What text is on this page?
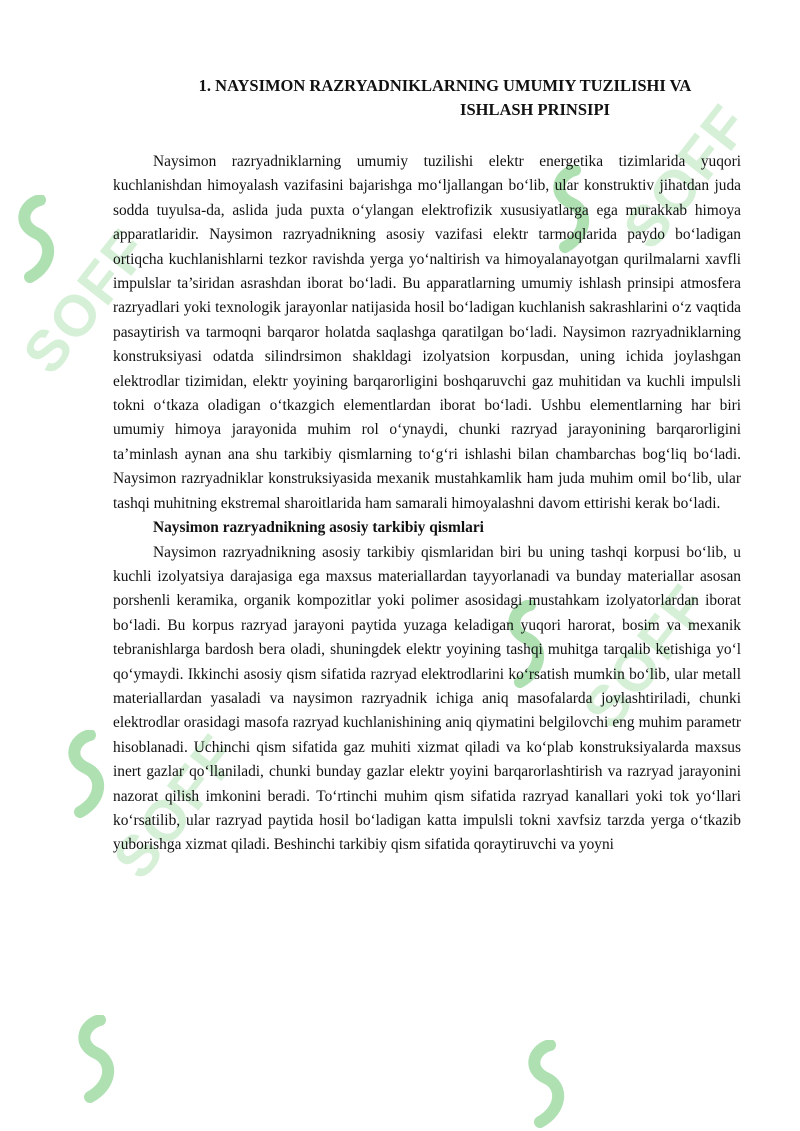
SOFF
SOFF
SOFF
SOFF
1. NAYSIMON RAZRYADNIKLARNING UMUMIY TUZILISHI VA
ISHLASH PRINSIPI

Naysimon razryadniklarning umumiy tuzilishi elektr energetika tizimlarida yuqori kuchlanishdan himoyalash vazifasini bajarishga mo‘ljallangan bo‘lib, ular konstruktiv jihatdan juda sodda tuyulsa-da, aslida juda puxta o‘ylangan elektrofizik xususiyatlarga ega murakkab himoya apparatlaridir. Naysimon razryadnikning asosiy vazifasi elektr tarmoqlarida paydo bo‘ladigan ortiqcha kuchlanishlarni tezkor ravishda yerga yo‘naltirish va himoyalanayotgan qurilmalarni xavfli impulslar ta’siridan asrashdan iborat bo‘ladi. Bu apparatlarning umumiy ishlash prinsipi atmosfera razryadlari yoki texnologik jarayonlar natijasida hosil bo‘ladigan kuchlanish sakrashlarini o‘z vaqtida pasaytirish va tarmoqni barqaror holatda saqlashga qaratilgan bo‘ladi. Naysimon razryadniklarning konstruksiyasi odatda silindrsimon shakldagi izolyatsion korpusdan, uning ichida joylashgan elektrodlar tizimidan, elektr yoyining barqarorligini boshqaruvchi gaz muhitidan va kuchli impulsli tokni o‘tkaza oladigan o‘tkazgich elementlardan iborat bo‘ladi. Ushbu elementlarning har biri umumiy himoya jarayonida muhim rol o‘ynaydi, chunki razryad jarayonining barqarorligini ta’minlash aynan ana shu tarkibiy qismlarning to‘g‘ri ishlashi bilan chambarchas bog‘liq bo‘ladi. Naysimon razryadniklar konstruksiyasida mexanik mustahkamlik ham juda muhim omil bo‘lib, ular tashqi muhitning ekstremal sharoitlarida ham samarali himoyalashni davom ettirishi kerak bo‘ladi.

Naysimon razryadnikning asosiy tarkibiy qismlari

Naysimon razryadnikning asosiy tarkibiy qismlaridan biri bu uning tashqi korpusi bo‘lib, u kuchli izolyatsiya darajasiga ega maxsus materiallardan tayyorlanadi va bunday materiallar asosan porshenli keramika, organik kompozitlar yoki polimer asosidagi mustahkam izolyatorlardan iborat bo‘ladi. Bu korpus razryad jarayoni paytida yuzaga keladigan yuqori harorat, bosim va mexanik tebranishlarga bardosh bera oladi, shuningdek elektr yoyining tashqi muhitga tarqalib ketishiga yo‘l qo‘ymaydi. Ikkinchi asosiy qism sifatida razryad elektrodlarini ko‘rsatish mumkin bo‘lib, ular metall materiallardan yasaladi va naysimon razryadnik ichiga aniq masofalarda joylashtiriladi, chunki elektrodlar orasidagi masofa razryad kuchlanishining aniq qiymatini belgilovchi eng muhim parametr hisoblanadi. Uchinchi qism sifatida gaz muhiti xizmat qiladi va ko‘plab konstruksiyalarda maxsus inert gazlar qo‘llaniladi, chunki bunday gazlar elektr yoyini barqarorlashtirish va razryad jarayonini nazorat qilish imkonini beradi. To‘rtinchi muhim qism sifatida razryad kanallari yoki tok yo‘llari ko‘rsatilib, ular razryad paytida hosil bo‘ladigan katta impulsli tokni xavfsiz tarzda yerga o‘tkazib yuborishga xizmat qiladi. Beshinchi tarkibiy qism sifatida qoraytiruvchi va yoyni
